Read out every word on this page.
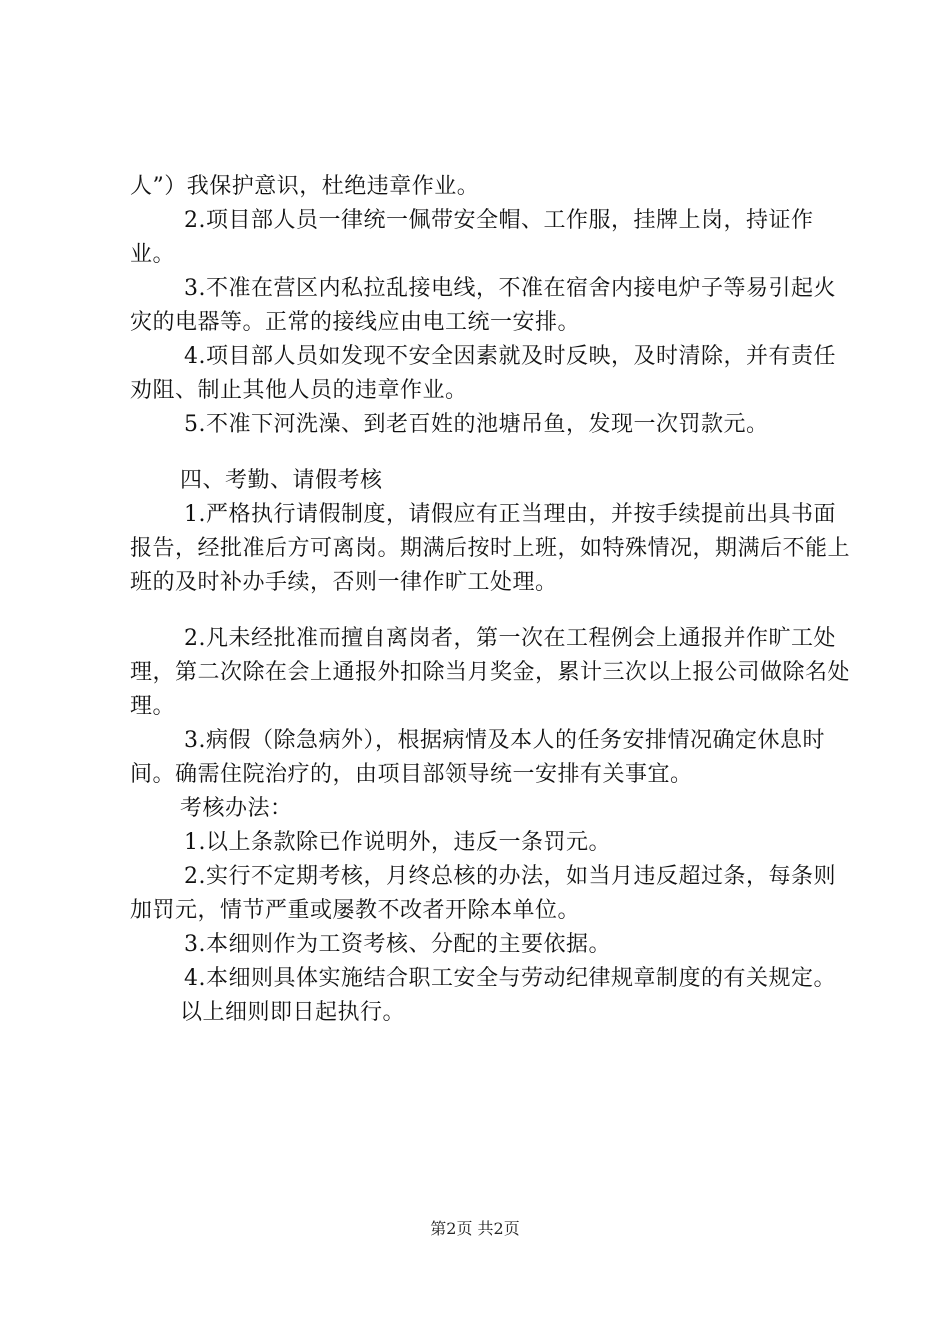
人”）我保护意识，杜绝违章作业。

2.项目部人员一律统一佩带安全帽、工作服，挂牌上岗，持证作业。

3.不准在营区内私拉乱接电线，不准在宿舍内接电炉子等易引起火灾的电器等。正常的接线应由电工统一安排。

4.项目部人员如发现不安全因素就及时反映，及时清除，并有责任劝阻、制止其他人员的违章作业。

5.不准下河洗澡、到老百姓的池塘吊鱼，发现一次罚款元。

四、考勤、请假考核

1.严格执行请假制度，请假应有正当理由，并按手续提前出具书面报告，经批准后方可离岗。期满后按时上班，如特殊情况，期满后不能上班的及时补办手续，否则一律作旷工处理。

2.凡未经批准而擅自离岗者，第一次在工程例会上通报并作旷工处理，第二次除在会上通报外扣除当月奖金，累计三次以上报公司做除名处理。

3.病假（除急病外），根据病情及本人的任务安排情况确定休息时间。确需住院治疗的，由项目部领导统一安排有关事宜。

考核办法：

1.以上条款除已作说明外，违反一条罚元。

2.实行不定期考核，月终总核的办法，如当月违反超过条，每条则加罚元，情节严重或屡教不改者开除本单位。

3.本细则作为工资考核、分配的主要依据。

4.本细则具体实施结合职工安全与劳动纪律规章制度的有关规定。

以上细则即日起执行。

第2页 共2页
